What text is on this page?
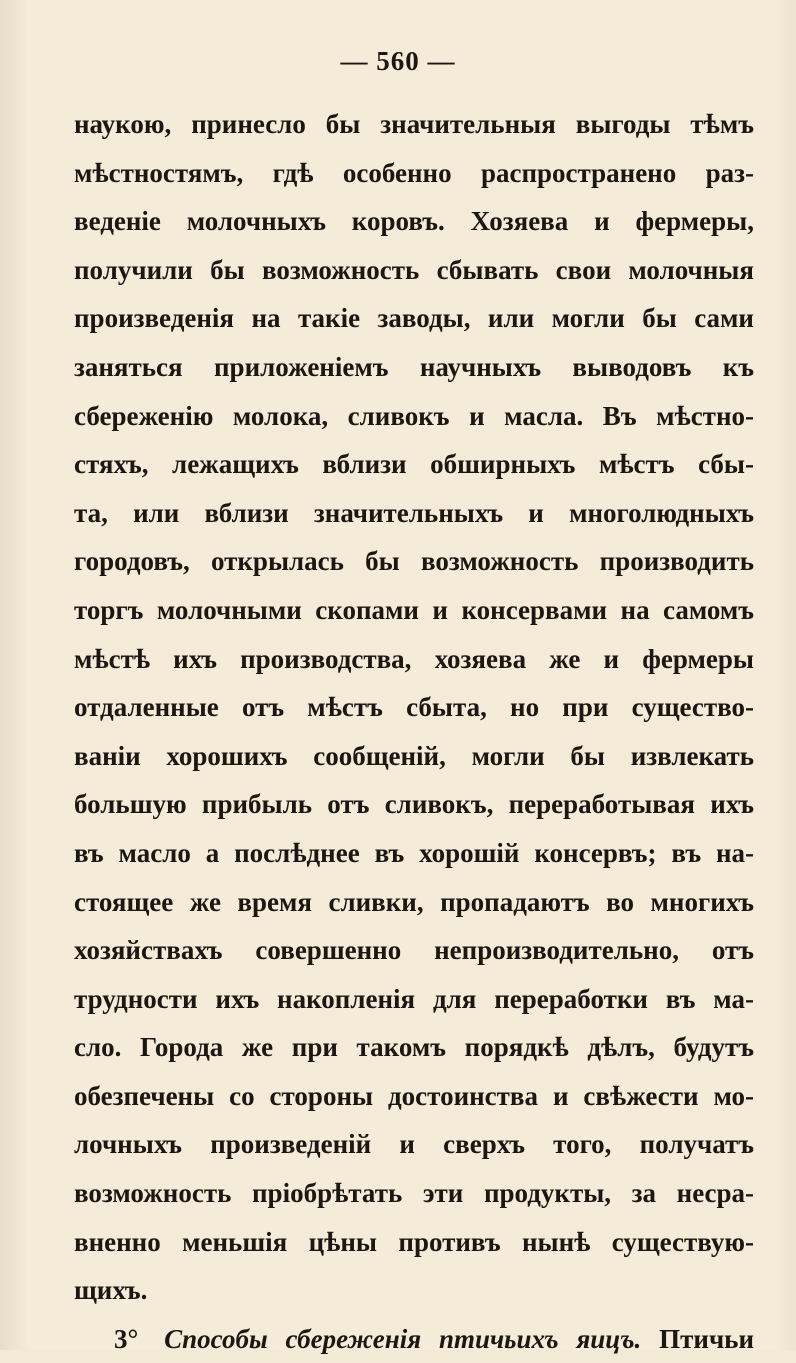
— 560 —
наукою, принесло бы значительныя выгоды тѣмъ
мѣстностямъ, гдѣ особенно распространено раз-
веденіе молочныхъ коровъ. Хозяева и фермеры,
получили бы возможность сбывать свои молочныя
произведенія на такіе заводы, или могли бы сами
заняться приложеніемъ научныхъ выводовъ къ
сбереженію молока, сливокъ и масла. Въ мѣстно-
стяхъ, лежащихъ вблизи обширныхъ мѣстъ сбы-
та, или вблизи значительныхъ и многолюдныхъ
городовъ, открылась бы возможность производить
торгъ молочными скопами и консервами на самомъ
мѣстѣ ихъ производства, хозяева же и фермеры
отдаленные отъ мѣстъ сбыта, но при существо-
ваніи хорошихъ сообщеній, могли бы извлекать
большую прибыль отъ сливокъ, переработывая ихъ
въ масло а послѣднее въ хорошій консервъ; въ на-
стоящее же время сливки, пропадаютъ во многихъ
хозяйствахъ совершенно непроизводительно, отъ
трудности ихъ накопленія для переработки въ ма-
сло. Города же при такомъ порядкѣ дѣлъ, будутъ
обезпечены со стороны достоинства и свѣжести мо-
лочныхъ произведеній и сверхъ того, получатъ
возможность пріобрѣтать эти продукты, за несра-
вненно меньшія цѣны противъ нынѣ существую-
щихъ.
3° Способы сбереженія птичьихъ яицъ. Птичьи
